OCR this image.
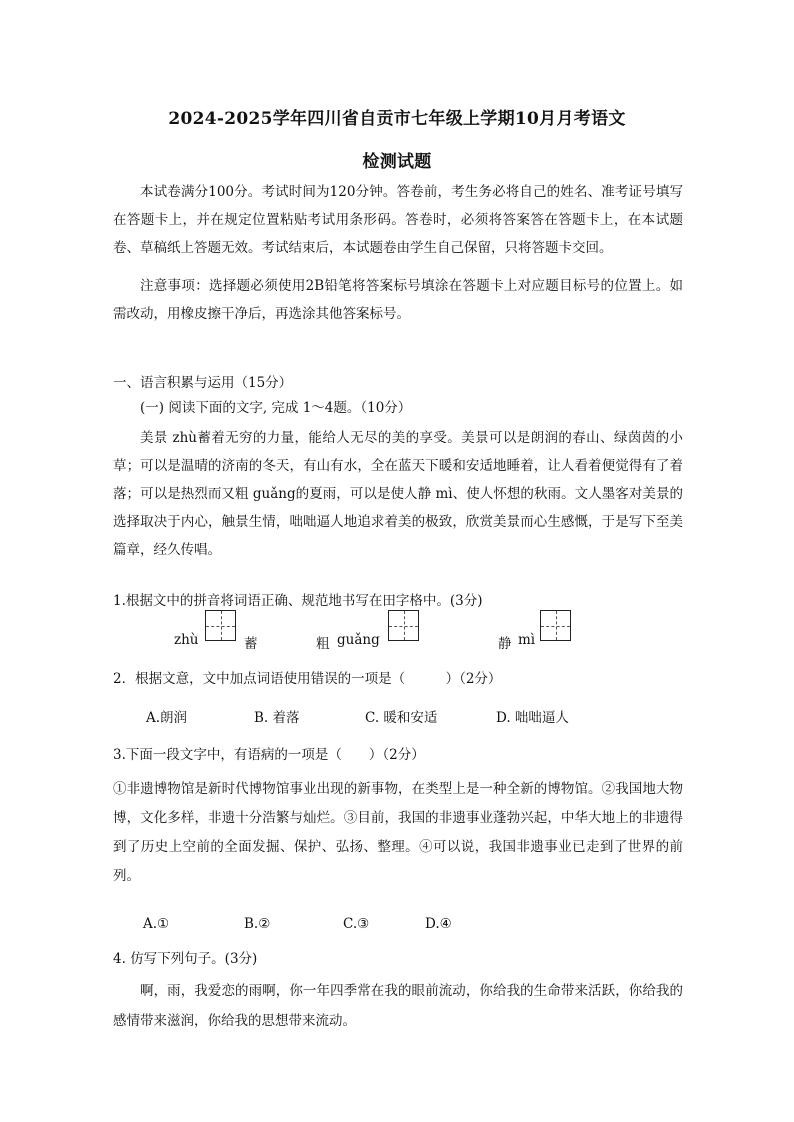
2024-2025学年四川省自贡市七年级上学期10月月考语文
检测试题
本试卷满分100分。考试时间为120分钟。答卷前，考生务必将自己的姓名、准考证号填写在答题卡上，并在规定位置粘贴考试用条形码。答卷时，必须将答案答在答题卡上，在本试题卷、草稿纸上答题无效。考试结束后，本试题卷由学生自己保留，只将答题卡交回。
注意事项：选择题必须使用2B铅笔将答案标号填涂在答题卡上对应题目标号的位置上。如需改动，用橡皮擦干净后，再选涂其他答案标号。
一、语言积累与运用（15分）
(一) 阅读下面的文字, 完成 1～4题。（10分）
美景 zhù蓄着无穷的力量，能给人无尽的美的享受。美景可以是朗润的春山、绿茵茵的小草；可以是温晴的济南的冬天，有山有水，全在蓝天下暖和安适地睡着，让人看着便觉得有了着落；可以是热烈而又粗 guǎng的夏雨，可以是使人静 mì、使人怀想的秋雨。文人墨客对美景的选择取决于内心，触景生情，咄咄逼人地追求着美的极致，欣赏美景而心生感慨，于是写下至美篇章，经久传唱。
1.根据文中的拼音将词语正确、规范地书写在田字格中。(3分)
zhù	蓄	粗 guǎng	静 mì
2．根据文意，文中加点词语使用错误的一项是（　　　）（2分）
A.朗润	B. 着落	C. 暖和安适	D. 咄咄逼人
3.下面一段文字中，有语病的一项是（　　）（2分）
①非遗博物馆是新时代博物馆事业出现的新事物，在类型上是一种全新的博物馆。②我国地大物博，文化多样，非遗十分浩繁与灿烂。③目前，我国的非遗事业蓬勃兴起，中华大地上的非遗得到了历史上空前的全面发掘、保护、弘扬、整理。④可以说，我国非遗事业已走到了世界的前列。
A.①	B.②	C.③	D.④
4. 仿写下列句子。(3分)
啊，雨，我爱恋的雨啊，你一年四季常在我的眼前流动，你给我的生命带来活跃，你给我的感情带来滋润，你给我的思想带来流动。
